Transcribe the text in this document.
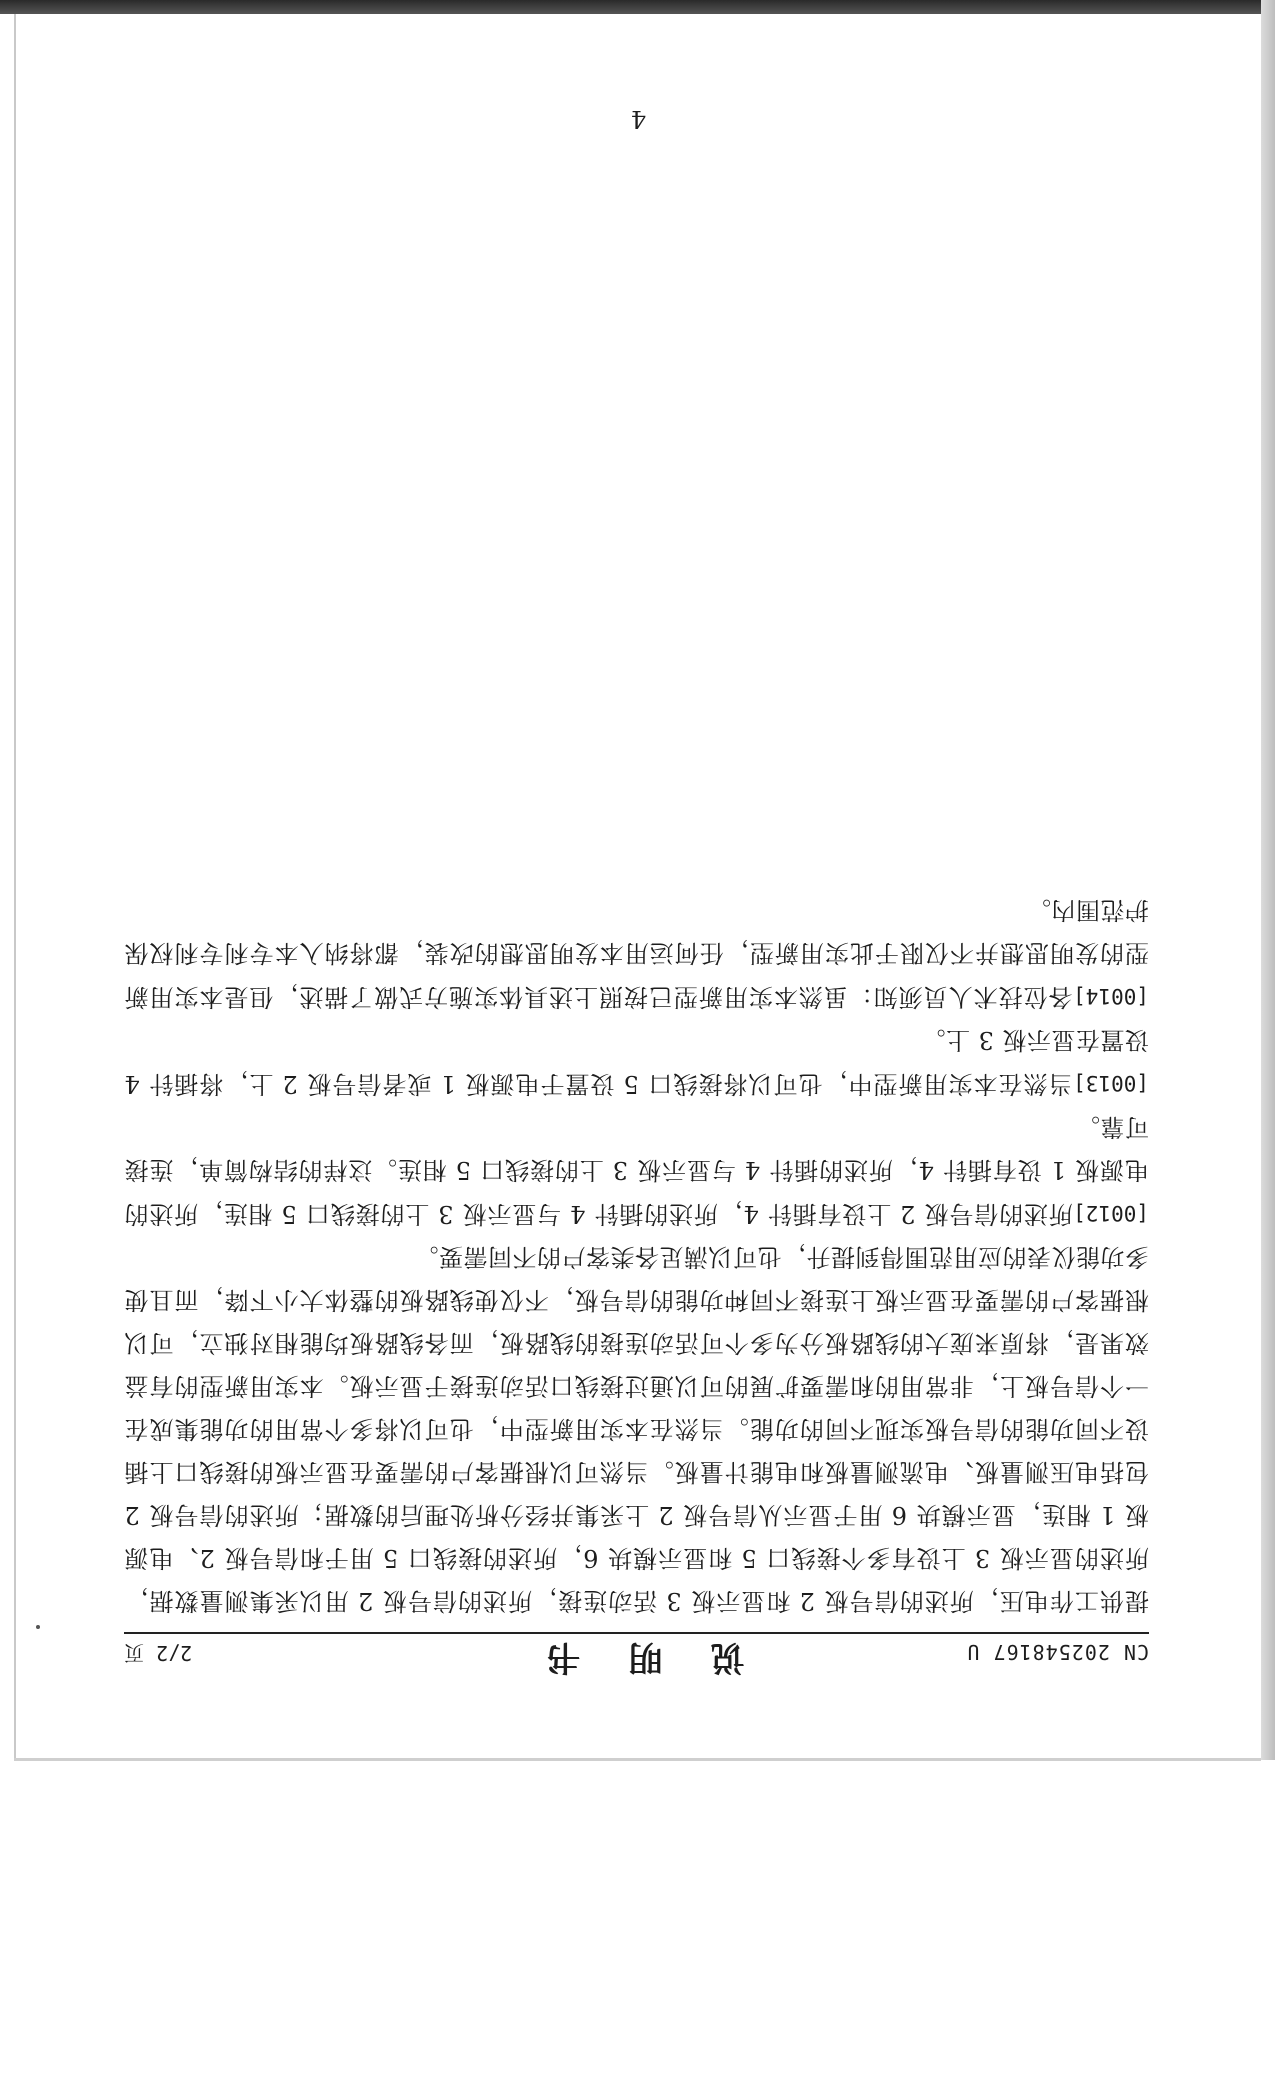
CN 202548167 U
说 明 书
2/2 页

提供工作电压，所述的信号板 2 和显示板 3 活动连接，所述的信号板 2 用以采集测量数据，所述的显示板 3 上设有多个接线口 5 和显示模块 6，所述的接线口 5 用于和信号板 2、电源板 1 相连，显示模块 6 用于显示从信号板 2 上采集并经分析处理后的数据；所述的信号板 2 包括电压测量板、电流测量板和电能计量板。当然可以根据客户的需要在显示板的接线口上插设不同功能的信号板实现不同的功能。当然在本实用新型中，也可以将多个常用的功能集成在一个信号板上，非常用的和需要扩展的可以通过接线口活动连接于显示板。本实用新型的有益效果是，将原来庞大的线路板分为多个可活动连接的线路板，而各线路板均能相对独立，可以根据客户的需要在显示板上连接不同种功能的信号板，不仅使线路板的整体大小下降，而且使多功能仪表的应用范围得到提升，也可以满足各类客户的不同需要。

[0012]所述的信号板 2 上设有插针 4，所述的插针 4 与显示板 3 上的接线口 5 相连，所述的电源板 1 设有插针 4，所述的插针 4 与显示板 3 上的接线口 5 相连。这样的结构简单，连接可靠。

[0013]当然在本实用新型中，也可以将接线口 5 设置于电源板 1 或者信号板 2 上，将插针 4 设置在显示板 3 上。

[0014]各位技术人员须知：虽然本实用新型已按照上述具体实施方式做了描述，但是本实用新型的发明思想并不仅限于此实用新型，任何运用本发明思想的改装，都将纳入本专利专利权保护范围内。

4
